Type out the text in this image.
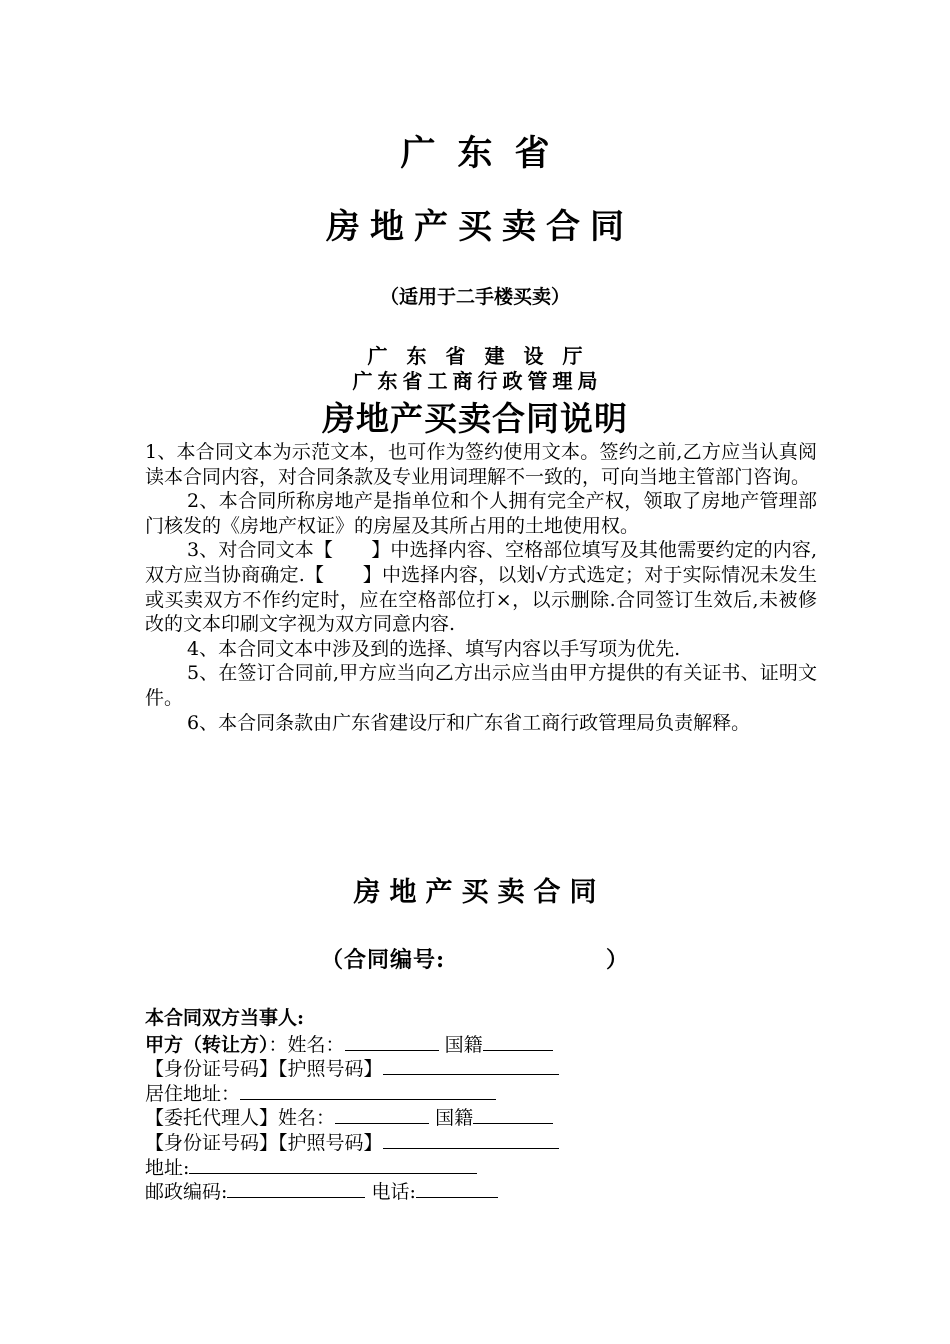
广东省
房地产买卖合同
（适用于二手楼买卖）
广东省建设厅
广东省工商行政管理局
房地产买卖合同说明

1、本合同文本为示范文本，也可作为签约使用文本。签约之前,乙方应当认真阅读本合同内容，对合同条款及专业用词理解不一致的，可向当地主管部门咨询。

2、本合同所称房地产是指单位和个人拥有完全产权，领取了房地产管理部门核发的《房地产权证》的房屋及其所占用的土地使用权。

3、对合同文本【　　】中选择内容、空格部位填写及其他需要约定的内容,双方应当协商确定.【　　】中选择内容，以划√方式选定；对于实际情况未发生或买卖双方不作约定时，应在空格部位打×，以示删除.合同签订生效后,未被修改的文本印刷文字视为双方同意内容.

4、本合同文本中涉及到的选择、填写内容以手写项为优先.

5、在签订合同前,甲方应当向乙方出示应当由甲方提供的有关证书、证明文件。

6、本合同条款由广东省建设厅和广东省工商行政管理局负责解释。

房地产买卖合同
（合同编号:　　　　　　　）
本合同双方当事人:
甲方（转让方）：姓名：	国籍
【身份证号码】【护照号码】
居住地址：
【委托代理人】姓名：	国籍
【身份证号码】【护照号码】
地址:
邮政编码:	电话:
